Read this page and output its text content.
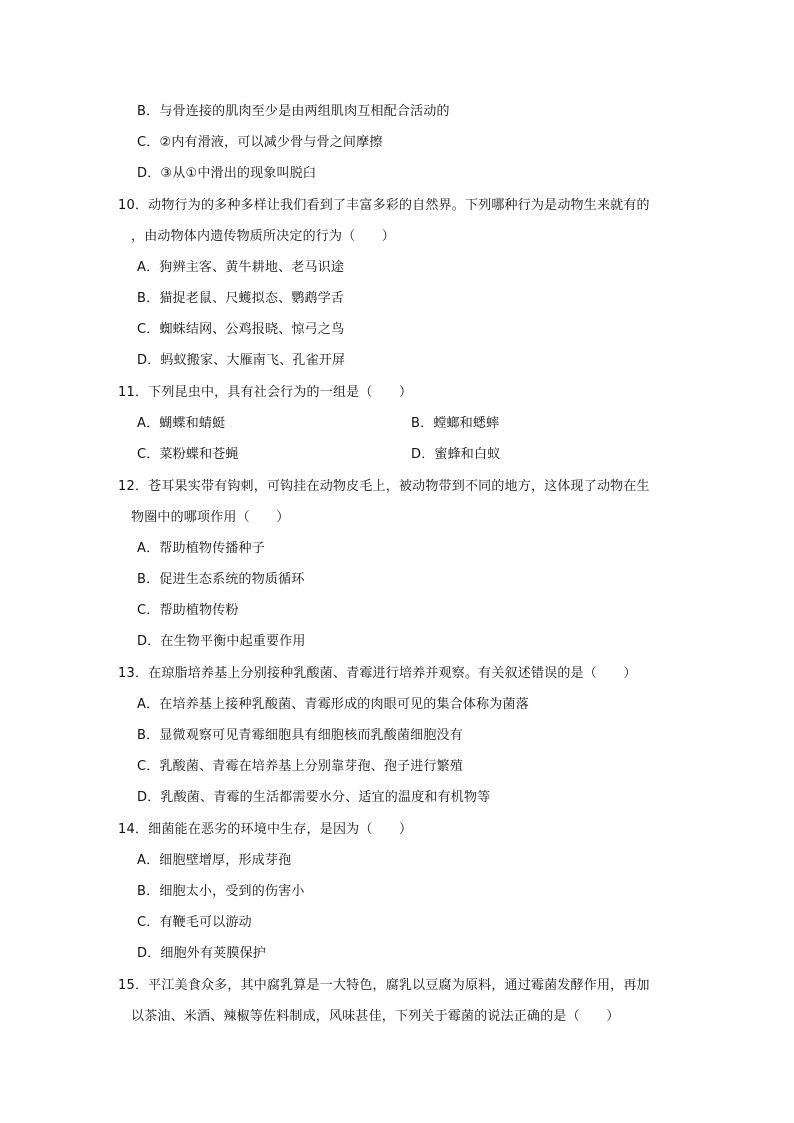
B．与骨连接的肌肉至少是由两组肌肉互相配合活动的
C．②内有滑液，可以减少骨与骨之间摩擦
D．③从①中滑出的现象叫脱臼
10．动物行为的多种多样让我们看到了丰富多彩的自然界。下列哪种行为是动物生来就有的
，由动物体内遗传物质所决定的行为（　　）
A．狗辨主客、黄牛耕地、老马识途
B．猫捉老鼠、尺蠖拟态、鹦鹉学舌
C．蜘蛛结网、公鸡报晓、惊弓之鸟
D．蚂蚁搬家、大雁南飞、孔雀开屏
11．下列昆虫中，具有社会行为的一组是（　　）
A．蝴蝶和蜻蜓	B．螳螂和蟋蟀
C．菜粉蝶和苍蝇	D．蜜蜂和白蚁
12．苍耳果实带有钩刺，可钩挂在动物皮毛上，被动物带到不同的地方，这体现了动物在生
物圈中的哪项作用（　　）
A．帮助植物传播种子
B．促进生态系统的物质循环
C．帮助植物传粉
D．在生物平衡中起重要作用
13．在琼脂培养基上分别接种乳酸菌、青霉进行培养并观察。有关叙述错误的是（　　）
A．在培养基上接种乳酸菌、青霉形成的肉眼可见的集合体称为菌落
B．显微观察可见青霉细胞具有细胞核而乳酸菌细胞没有
C．乳酸菌、青霉在培养基上分别靠芽孢、孢子进行繁殖
D．乳酸菌、青霉的生活都需要水分、适宜的温度和有机物等
14．细菌能在恶劣的环境中生存，是因为（　　）
A．细胞壁增厚，形成芽孢
B．细胞太小，受到的伤害小
C．有鞭毛可以游动
D．细胞外有荚膜保护
15．平江美食众多，其中腐乳算是一大特色，腐乳以豆腐为原料，通过霉菌发酵作用，再加
以茶油、米酒、辣椒等佐料制成，风味甚佳，下列关于霉菌的说法正确的是（　　）
